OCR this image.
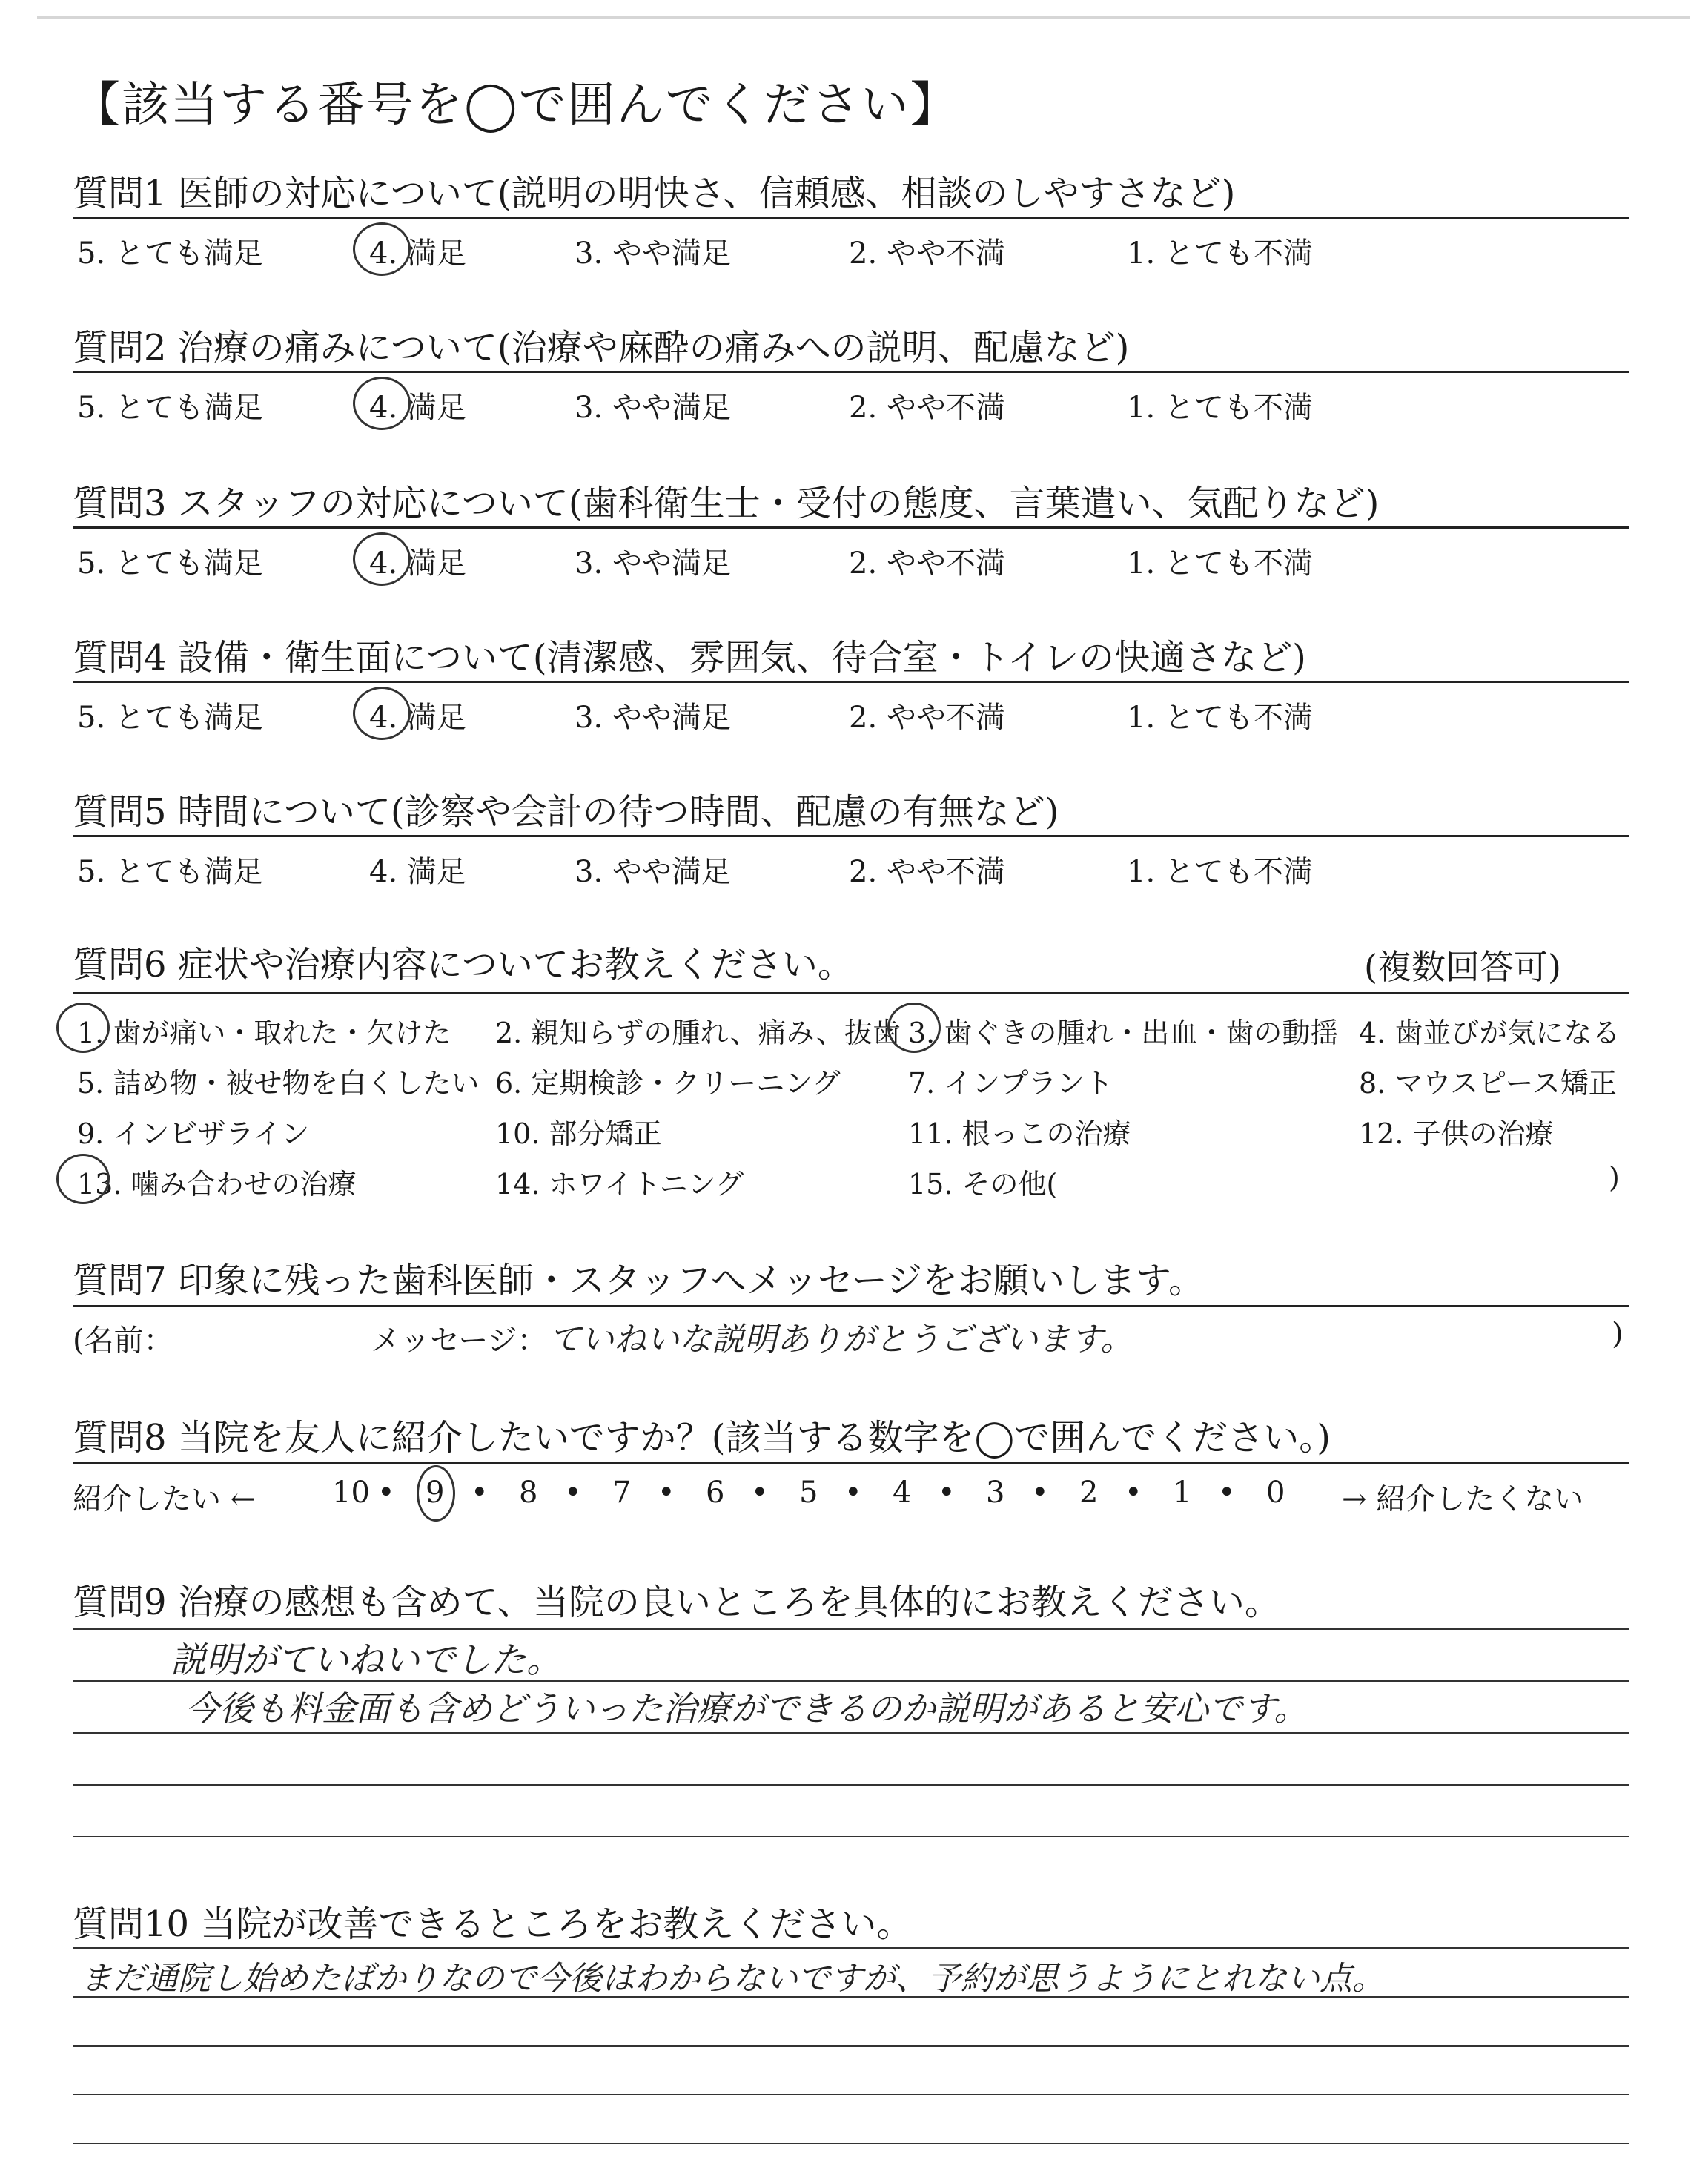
【該当する番号を◯で囲んでください】
質問1 医師の対応について(説明の明快さ、信頼感、相談のしやすさなど)
5. とても満足	4. 満足	3. やや満足	2. やや不満	1. とても不満
質問2 治療の痛みについて(治療や麻酔の痛みへの説明、配慮など)
5. とても満足	4. 満足	3. やや満足	2. やや不満	1. とても不満
質問3 スタッフの対応について(歯科衛生士・受付の態度、言葉遣い、気配りなど)
5. とても満足	4. 満足	3. やや満足	2. やや不満	1. とても不満
質問4 設備・衛生面について(清潔感、雰囲気、待合室・トイレの快適さなど)
5. とても満足	4. 満足	3. やや満足	2. やや不満	1. とても不満
質問5 時間について(診察や会計の待つ時間、配慮の有無など)
5. とても満足	4. 満足	3. やや満足	2. やや不満	1. とても不満
質問6 症状や治療内容についてお教えください。	(複数回答可)
1. 歯が痛い・取れた・欠けた 2. 親知らずの腫れ、痛み、抜歯 3. 歯ぐきの腫れ・出血・歯の動揺 4. 歯並びが気になる
5. 詰め物・被せ物を白くしたい 6. 定期検診・クリーニング 7. インプラント	8. マウスピース矯正
9. インビザライン	10. 部分矯正	11. 根っこの治療	12. 子供の治療
13. 噛み合わせの治療	14. ホワイトニング	15. その他(	)
質問7 印象に残った歯科医師・スタッフへメッセージをお願いします。
(名前：	メッセージ： ていねいな説明ありがとうございます。	)
質問8 当院を友人に紹介したいですか？(該当する数字を◯で囲んでください。)
紹介したい ←	→ 紹介したくない
10 • 9 • 8 • 7 • 6 • 5 • 4 • 3 • 2 • 1 • 0
質問9 治療の感想も含めて、当院の良いところを具体的にお教えください。
説明がていねいでした。
今後も料金面も含めどういった治療ができるのか説明があると安心です。
質問10 当院が改善できるところをお教えください。
まだ通院し始めたばかりなので今後はわからないですが、予約が思うようにとれない点。
